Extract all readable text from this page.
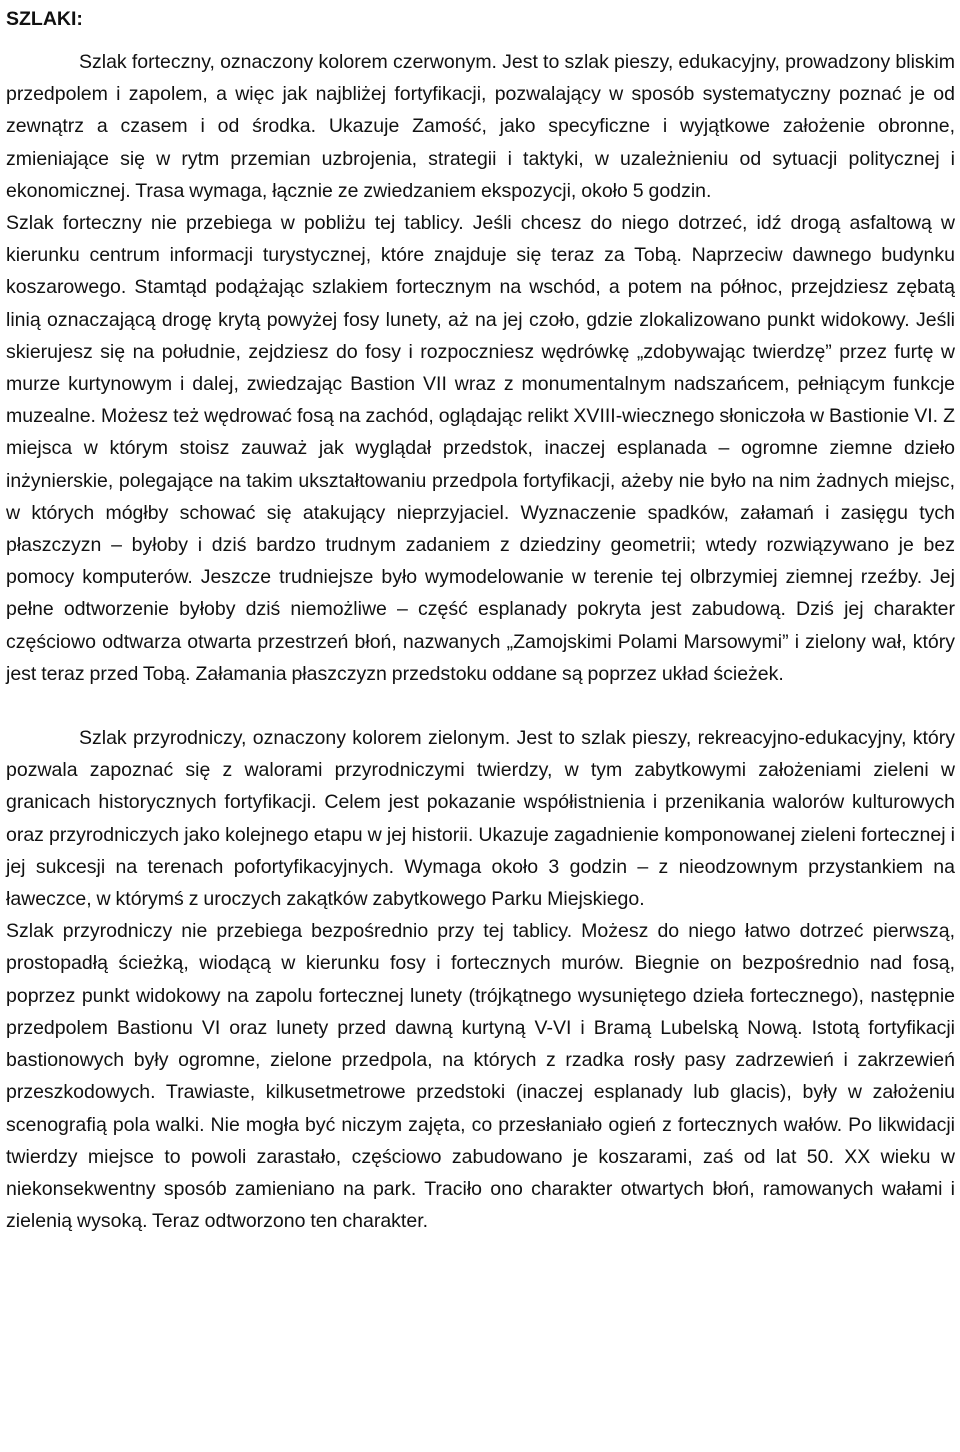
SZLAKI:

Szlak forteczny, oznaczony kolorem czerwonym. Jest to szlak pieszy, edukacyjny, prowadzony bliskim przedpolem i zapolem, a więc jak najbliżej fortyfikacji, pozwalający w sposób systematyczny poznać je od zewnątrz a czasem i od środka. Ukazuje Zamość, jako specyficzne i wyjątkowe założenie obronne, zmieniające się w rytm przemian uzbrojenia, strategii i taktyki, w uzależnieniu od sytuacji politycznej i ekonomicznej. Trasa wymaga, łącznie ze zwiedzaniem ekspozycji, około 5 godzin.

Szlak forteczny nie przebiega w pobliżu tej tablicy. Jeśli chcesz do niego dotrzeć, idź drogą asfaltową w kierunku centrum informacji turystycznej, które znajduje się teraz za Tobą. Naprzeciw dawnego budynku koszarowego. Stamtąd podążając szlakiem fortecznym na wschód, a potem na północ, przejdziesz zębatą linią oznaczającą drogę krytą powyżej fosy lunety, aż na jej czoło, gdzie zlokalizowano punkt widokowy. Jeśli skierujesz się na południe, zejdziesz do fosy i rozpoczniesz wędrówkę „zdobywając twierdzę” przez furtę w murze kurtynowym i dalej, zwiedzając Bastion VII wraz z monumentalnym nadszańcem, pełniącym funkcje muzealne. Możesz też wędrować fosą na zachód, oglądając relikt XVIII-wiecznego słoniczoła w Bastionie VI. Z miejsca w którym stoisz zauważ jak wyglądał przedstok, inaczej esplanada – ogromne ziemne dzieło inżynierskie, polegające na takim ukształtowaniu przedpola fortyfikacji, ażeby nie było na nim żadnych miejsc, w których mógłby schować się atakujący nieprzyjaciel. Wyznaczenie spadków, załamań i zasięgu tych płaszczyzn – byłoby i dziś bardzo trudnym zadaniem z dziedziny geometrii; wtedy rozwiązywano je bez pomocy komputerów. Jeszcze trudniejsze było wymodelowanie w terenie tej olbrzymiej ziemnej rzeźby. Jej pełne odtworzenie byłoby dziś niemożliwe – część esplanady pokryta jest zabudową. Dziś jej charakter częściowo odtwarza otwarta przestrzeń błoń, nazwanych „Zamojskimi Polami Marsowymi” i zielony wał, który jest teraz przed Tobą. Załamania płaszczyzn przedstoku oddane są poprzez układ ścieżek.

Szlak przyrodniczy, oznaczony kolorem zielonym. Jest to szlak pieszy, rekreacyjno-edukacyjny, który pozwala zapoznać się z walorami przyrodniczymi twierdzy, w tym zabytkowymi założeniami zieleni w granicach historycznych fortyfikacji. Celem jest pokazanie współistnienia i przenikania walorów kulturowych oraz przyrodniczych jako kolejnego etapu w jej historii. Ukazuje zagadnienie komponowanej zieleni fortecznej i jej sukcesji na terenach pofortyfikacyjnych. Wymaga około 3 godzin – z nieodzownym przystankiem na ławeczce, w którymś z uroczych zakątków zabytkowego Parku Miejskiego.

Szlak przyrodniczy nie przebiega bezpośrednio przy tej tablicy. Możesz do niego łatwo dotrzeć pierwszą, prostopadłą ścieżką, wiodącą w kierunku fosy i fortecznych murów. Biegnie on bezpośrednio nad fosą, poprzez punkt widokowy na zapolu fortecznej lunety (trójkątnego wysuniętego dzieła fortecznego), następnie przedpolem Bastionu VI oraz lunety przed dawną kurtyną V-VI i Bramą Lubelską Nową. Istotą fortyfikacji bastionowych były ogromne, zielone przedpola, na których z rzadka rosły pasy zadrzewień i zakrzewień przeszkodowych. Trawiaste, kilkusetmetrowe przedstoki (inaczej esplanady lub glacis), były w założeniu scenografią pola walki. Nie mogła być niczym zajęta, co przesłaniało ogień z fortecznych wałów. Po likwidacji twierdzy miejsce to powoli zarastało, częściowo zabudowano je koszarami, zaś od lat 50. XX wieku w niekonsekwentny sposób zamieniano na park. Traciło ono charakter otwartych błoń, ramowanych wałami i zielenią wysoką. Teraz odtworzono ten charakter.
